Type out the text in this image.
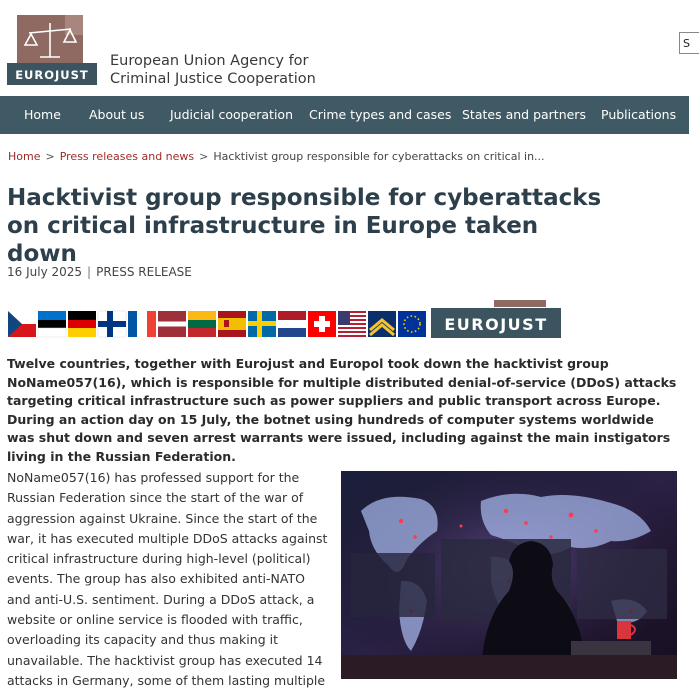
EUROJUST
European Union Agency for
Criminal Justice Cooperation
S
Home About us Judicial cooperation Crime types and cases States and partners Publications
Home > Press releases and news > Hacktivist group responsible for cyberattacks on critical in...
Hacktivist group responsible for cyberattacks
on critical infrastructure in Europe taken down
16 July 2025 | PRESS RELEASE
EUROJUST

Twelve countries, together with Eurojust and Europol took down the hacktivist group NoName057(16), which is responsible for multiple distributed denial-of-service (DDoS) attacks targeting critical infrastructure such as power suppliers and public transport across Europe. During an action day on 15 July, the botnet using hundreds of computer systems worldwide was shut down and seven arrest warrants were issued, including against the main instigators living in the Russian Federation.

NoName057(16) has professed support for the Russian Federation since the start of the war of aggression against Ukraine. Since the start of the war, it has executed multiple DDoS attacks against critical infrastructure during high-level (political) events. The group has also exhibited anti-NATO and anti-U.S. sentiment. During a DDoS attack, a website or online service is flooded with traffic, overloading its capacity and thus making it unavailable. The hacktivist group has executed 14 attacks in Germany, some of them lasting multiple
